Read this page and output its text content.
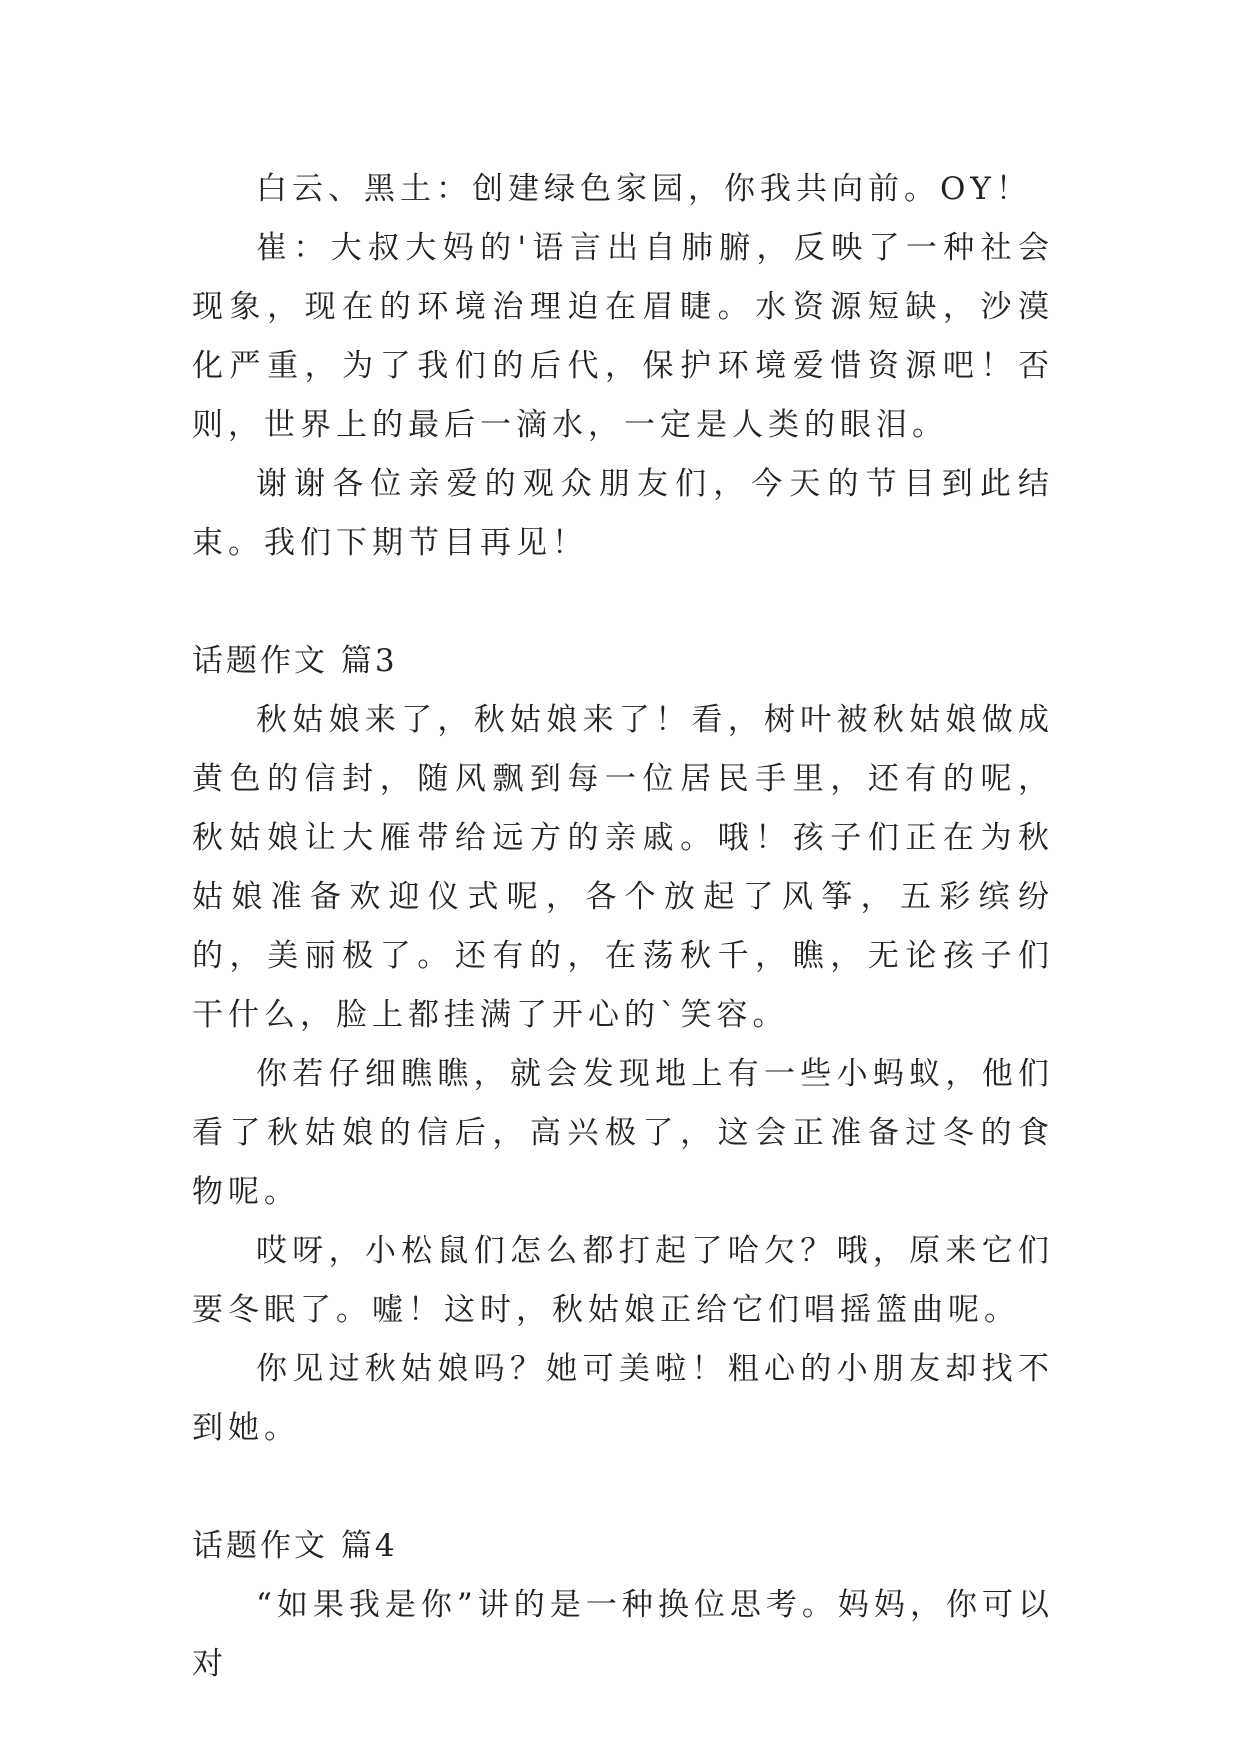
白云、黑土：创建绿色家园，你我共向前。OY！

崔：大叔大妈的'语言出自肺腑，反映了一种社会现象，现在的环境治理迫在眉睫。水资源短缺，沙漠化严重，为了我们的后代，保护环境爱惜资源吧！否则，世界上的最后一滴水，一定是人类的眼泪。

谢谢各位亲爱的观众朋友们，今天的节目到此结束。我们下期节目再见！

话题作文 篇3

秋姑娘来了，秋姑娘来了！看，树叶被秋姑娘做成黄色的信封，随风飘到每一位居民手里，还有的呢，秋姑娘让大雁带给远方的亲戚。哦！孩子们正在为秋姑娘准备欢迎仪式呢，各个放起了风筝，五彩缤纷的，美丽极了。还有的，在荡秋千，瞧，无论孩子们干什么，脸上都挂满了开心的`笑容。

你若仔细瞧瞧，就会发现地上有一些小蚂蚁，他们看了秋姑娘的信后，高兴极了，这会正准备过冬的食物呢。

哎呀，小松鼠们怎么都打起了哈欠？哦，原来它们要冬眠了。嘘！这时，秋姑娘正给它们唱摇篮曲呢。

你见过秋姑娘吗？她可美啦！粗心的小朋友却找不到她。

话题作文 篇4

“如果我是你”讲的是一种换位思考。妈妈，你可以对
